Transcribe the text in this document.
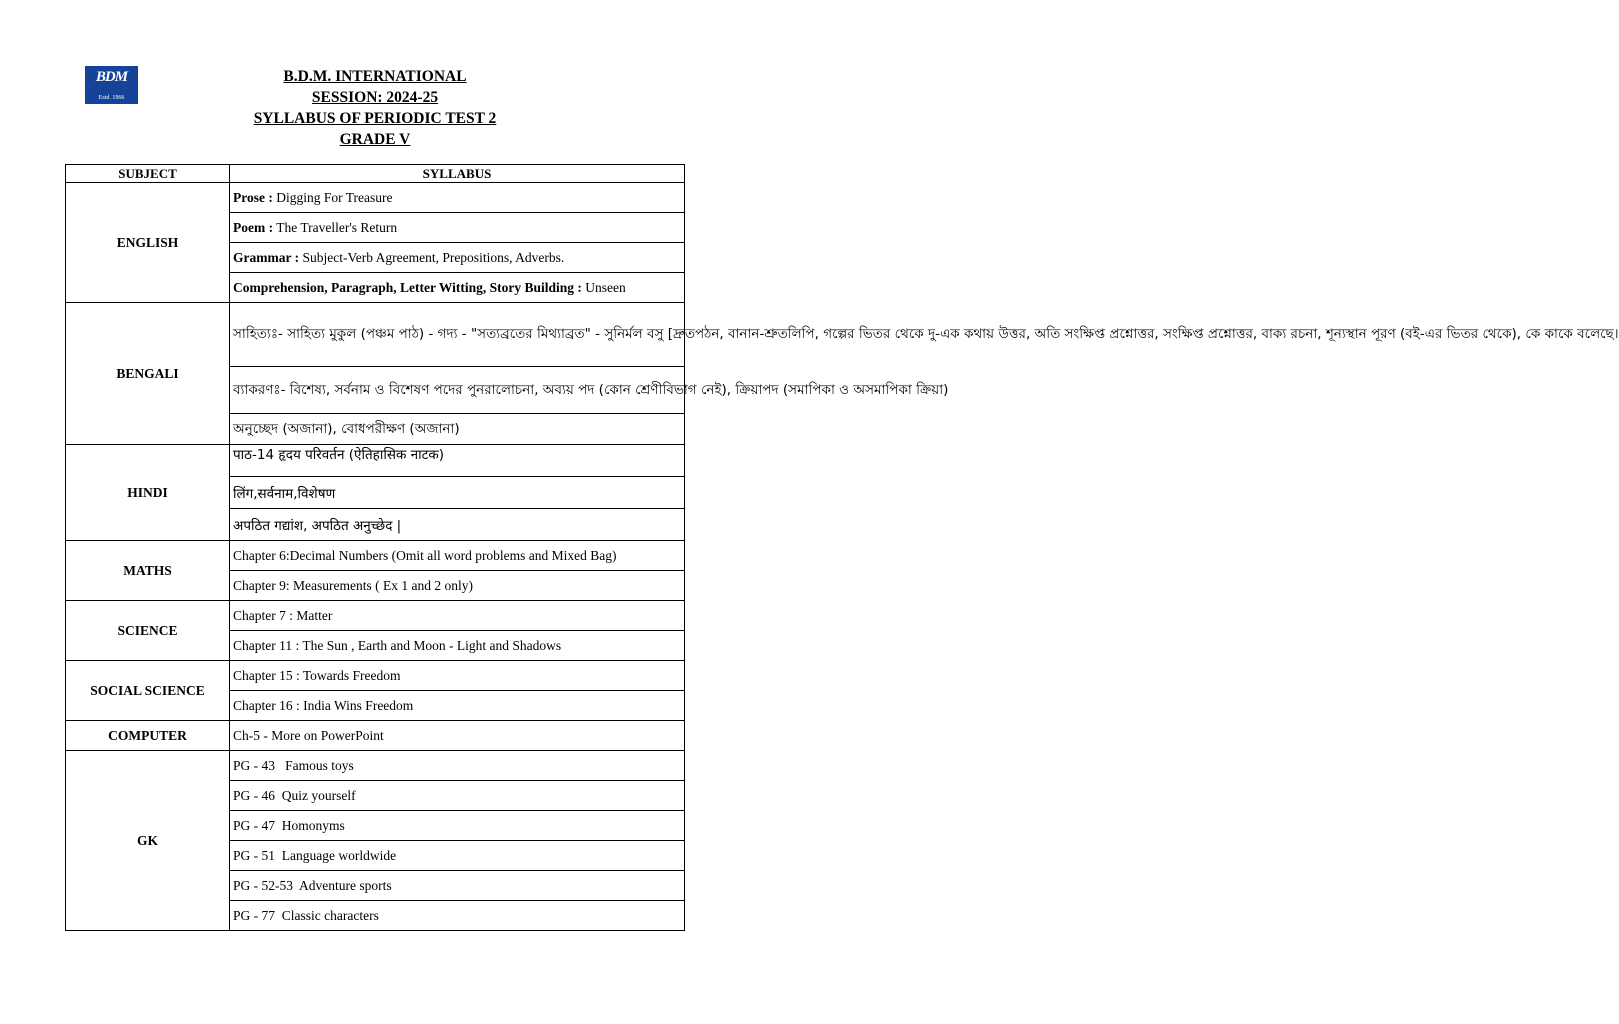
BDM
Estd. 1966
B.D.M. INTERNATIONAL
SESSION: 2024-25
SYLLABUS OF PERIODIC TEST 2
GRADE V
SUBJECT	SYLLABUS
ENGLISH	Prose : Digging For Treasure
	Poem : The Traveller's Return
	Grammar : Subject-Verb Agreement, Prepositions, Adverbs.
	Comprehension, Paragraph, Letter Witting, Story Building : Unseen
BENGALI	সাহিত্যঃ- সাহিত্য মুকুল (পঞ্চম পাঠ) - গদ্য - "সত্যব্রতের মিথ্যাব্রত" - সুনির্মল বসু [দ্রুতপঠন, বানান-শ্রুতলিপি, গল্পের ভিতর থেকে দু-এক কথায় উত্তর, অতি সংক্ষিপ্ত প্রশ্নোত্তর, সংক্ষিপ্ত প্রশ্নোত্তর, বাক্য রচনা, শূন্যস্থান পূরণ (বই-এর ভিতর থেকে), কে কাকে বলেছে।
	ব্যাকরণঃ- বিশেষ্য, সর্বনাম ও বিশেষণ পদের পুনরালোচনা, অব্যয় পদ (কোন শ্রেণীবিভাগ নেই), ক্রিয়াপদ (সমাপিকা ও অসমাপিকা ক্রিয়া)
	অনুচ্ছেদ (অজানা), বোধপরীক্ষণ (অজানা)
HINDI	पाठ-14 हृदय परिवर्तन (ऐतिहासिक नाटक)
	लिंग,सर्वनाम,विशेषण
	अपठित गद्यांश, अपठित अनुच्छेद |
MATHS	Chapter 6:Decimal Numbers (Omit all word problems and Mixed Bag)
	Chapter 9: Measurements ( Ex 1 and 2 only)
SCIENCE	Chapter 7 : Matter
	Chapter 11 : The Sun , Earth and Moon - Light and Shadows
SOCIAL SCIENCE	Chapter 15 : Towards Freedom
	Chapter 16 : India Wins Freedom
COMPUTER	Ch-5 - More on PowerPoint
GK	PG - 43   Famous toys
	PG - 46  Quiz yourself
	PG - 47  Homonyms
	PG - 51  Language worldwide
	PG - 52-53  Adventure sports
	PG - 77  Classic characters
